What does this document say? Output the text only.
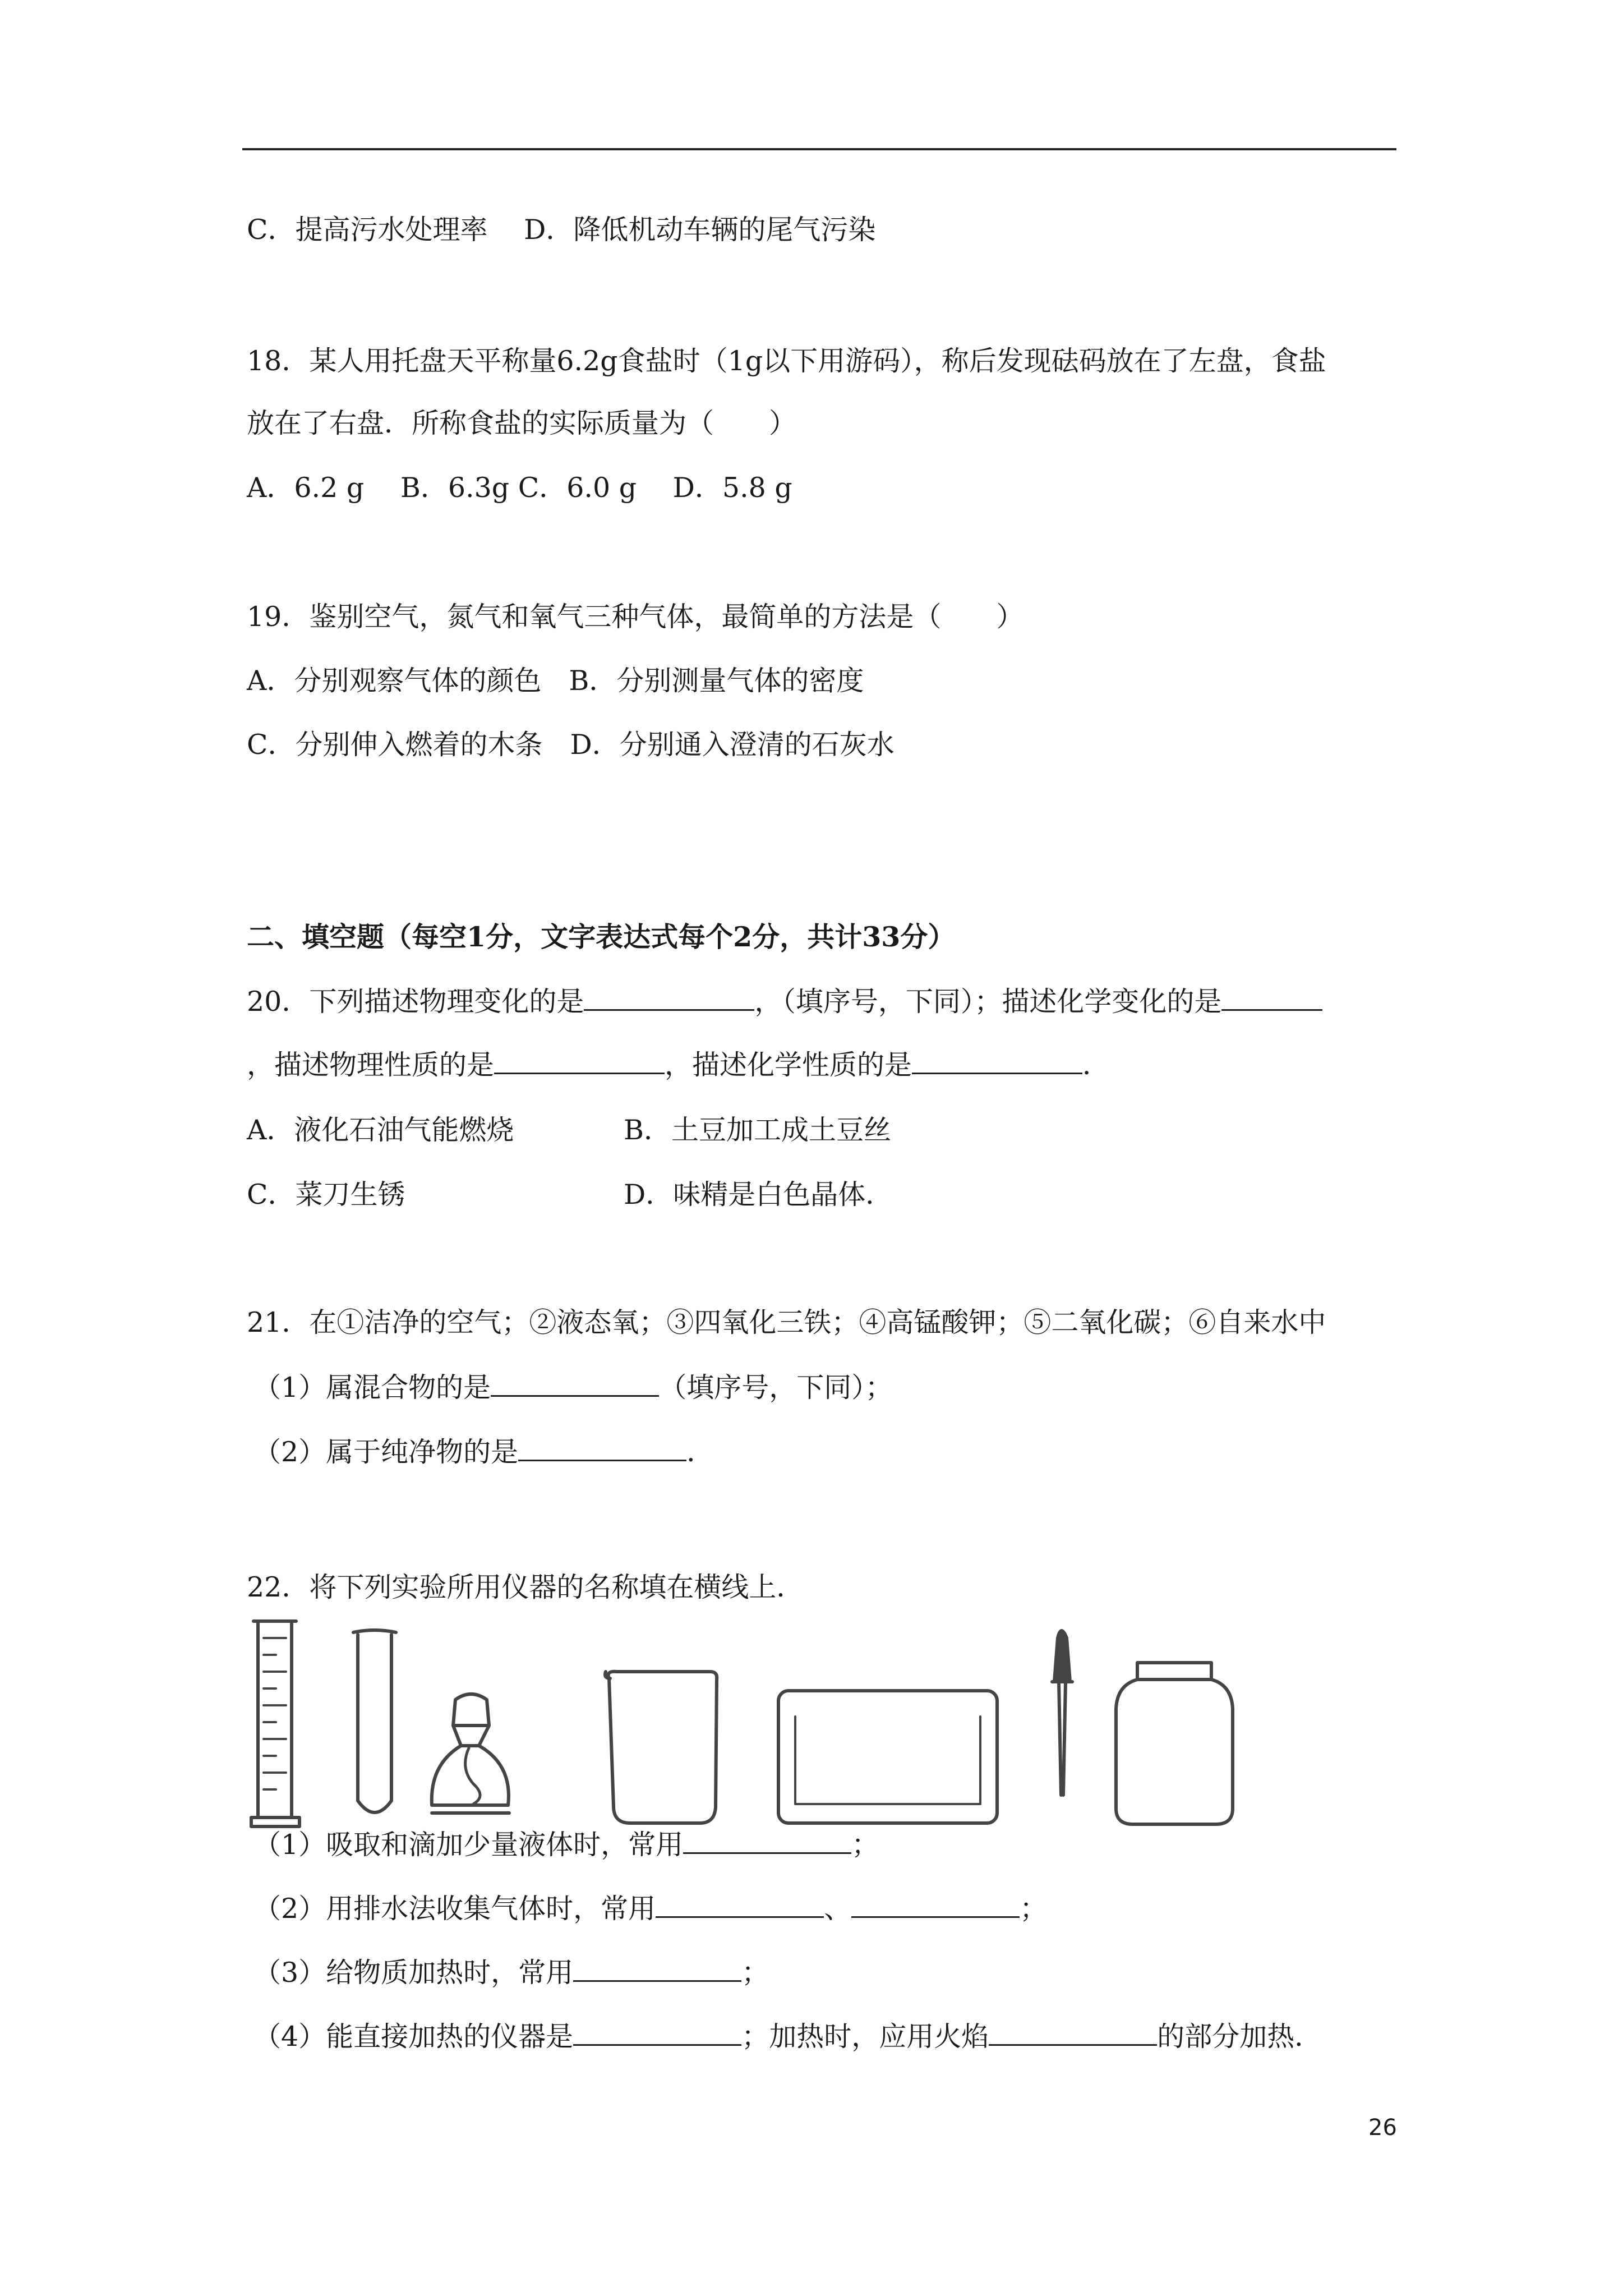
C．提高污水处理率　 D．降低机动车辆的尾气污染
18．某人用托盘天平称量6.2g食盐时（1g以下用游码），称后发现砝码放在了左盘，食盐
放在了右盘．所称食盐的实际质量为（　　）
A．6.2 g　 B．6.3g C．6.0 g　 D．5.8 g
19．鉴别空气，氮气和氧气三种气体，最简单的方法是（　　）
A．分别观察气体的颜色　B．分别测量气体的密度
C．分别伸入燃着的木条　D．分别通入澄清的石灰水
二、填空题（每空1分，文字表达式每个2分，共计33分）
20．下列描述物理变化的是	，（填序号，下同）；描述化学变化的是
，描述物理性质的是	，描述化学性质的是	．
A．液化石油气能燃烧	B．土豆加工成土豆丝
C．菜刀生锈	D．味精是白色晶体．
21．在①洁净的空气；②液态氧；③四氧化三铁；④高锰酸钾；⑤二氧化碳；⑥自来水中
（1）属混合物的是	（填序号，下同）；
（2）属于纯净物的是	．
22．将下列实验所用仪器的名称填在横线上．
（1）吸取和滴加少量液体时，常用	；
（2）用排水法收集气体时，常用	、	；
（3）给物质加热时，常用	；
（4）能直接加热的仪器是	；加热时，应用火焰	的部分加热．
26
